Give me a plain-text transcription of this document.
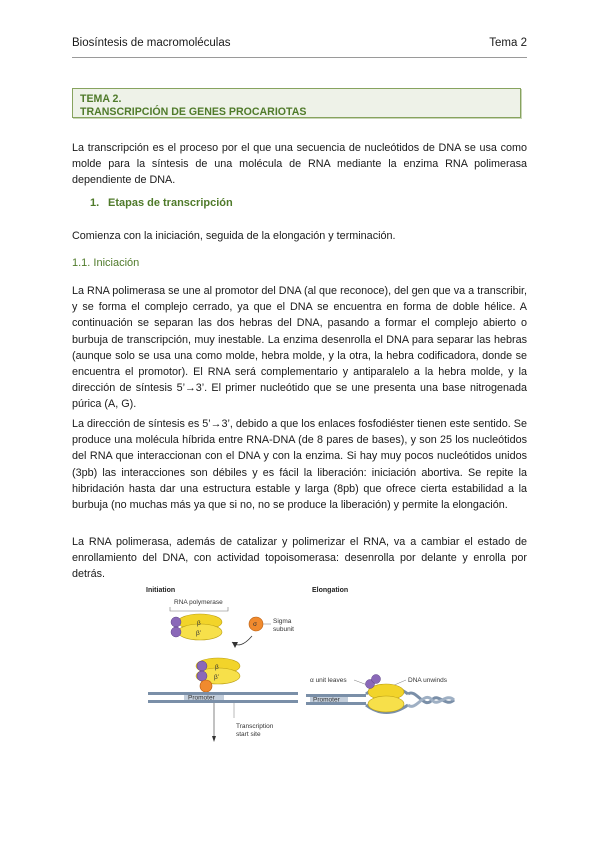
Biosíntesis de macromoléculas	Tema 2
TEMA 2.
TRANSCRIPCIÓN DE GENES PROCARIOTAS

La transcripción es el proceso por el que una secuencia de nucleótidos de DNA se usa como molde para la síntesis de una molécula de RNA mediante la enzima RNA polimerasa dependiente de DNA.

1. Etapas de transcripción

Comienza con la iniciación, seguida de la elongación y terminación.

1.1. Iniciación

La RNA polimerasa se une al promotor del DNA (al que reconoce), del gen que va a transcribir, y se forma el complejo cerrado, ya que el DNA se encuentra en forma de doble hélice. A continuación se separan las dos hebras del DNA, pasando a formar el complejo abierto o burbuja de transcripción, muy inestable. La enzima desenrolla el DNA para separar las hebras (aunque solo se usa una como molde, hebra molde, y la otra, la hebra codificadora, donde se encuentra el promotor). El RNA será complementario y antiparalelo a la hebra molde, y la dirección de síntesis 5’→3’. El primer nucleótido que se une presenta una base nitrogenada púrica (A, G).

La dirección de síntesis es 5’→3’, debido a que los enlaces fosfodiéster tienen este sentido. Se produce una molécula híbrida entre RNA-DNA (de 8 pares de bases), y son 25 los nucleótidos del RNA que interaccionan con el DNA y con la enzima. Si hay muy pocos nucleótidos unidos (3pb) las interacciones son débiles y es fácil la liberación: iniciación abortiva. Se repite la hibridación hasta dar una estructura estable y larga (8pb) que ofrece cierta estabilidad a la burbuja (no muchas más ya que si no, no se produce la liberación) y permite la elongación.

La RNA polimerasa, además de catalizar y polimerizar el RNA, va a cambiar el estado de enrollamiento del DNA, con actividad topoisomerasa: desenrolla por delante y enrolla por detrás.

Initiation
RNA polymerase
β
β’
σ Sigma
subunit
β
β’
Promoter
Transcription
start site
Elongation
α unit leaves	DNA unwinds
Promoter
